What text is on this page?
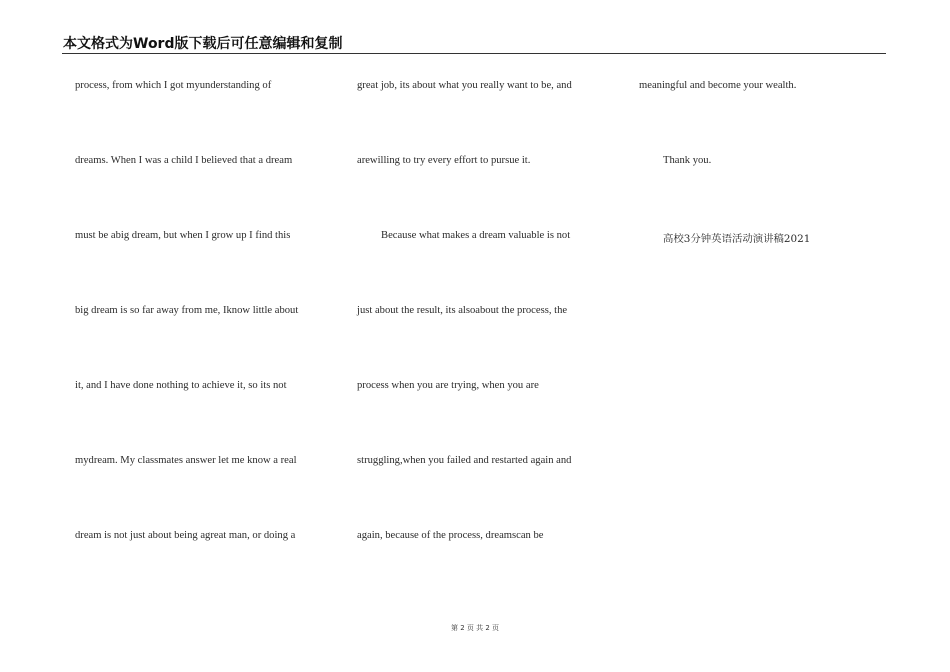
本文格式为Word版下载后可任意编辑和复制
process, from which I got myunderstanding of
dreams. When I was a child I believed that a dream
must be abig dream, but when I grow up I find this
big dream is so far away from me, Iknow little about
it, and I have done nothing to achieve it, so its not
mydream. My classmates answer let me know a real
dream is not just about being agreat man, or doing a
great job, its about what you really want to be, and
arewilling to try every effort to pursue it.
Because what makes a dream valuable is not
just about the result, its alsoabout the process, the
process when you are trying, when you are
struggling,when you failed and restarted again and
again, because of the process, dreamscan be
meaningful and become your wealth.
Thank you.
高校3分钟英语活动演讲稿2021
第 2 页 共 2 页
